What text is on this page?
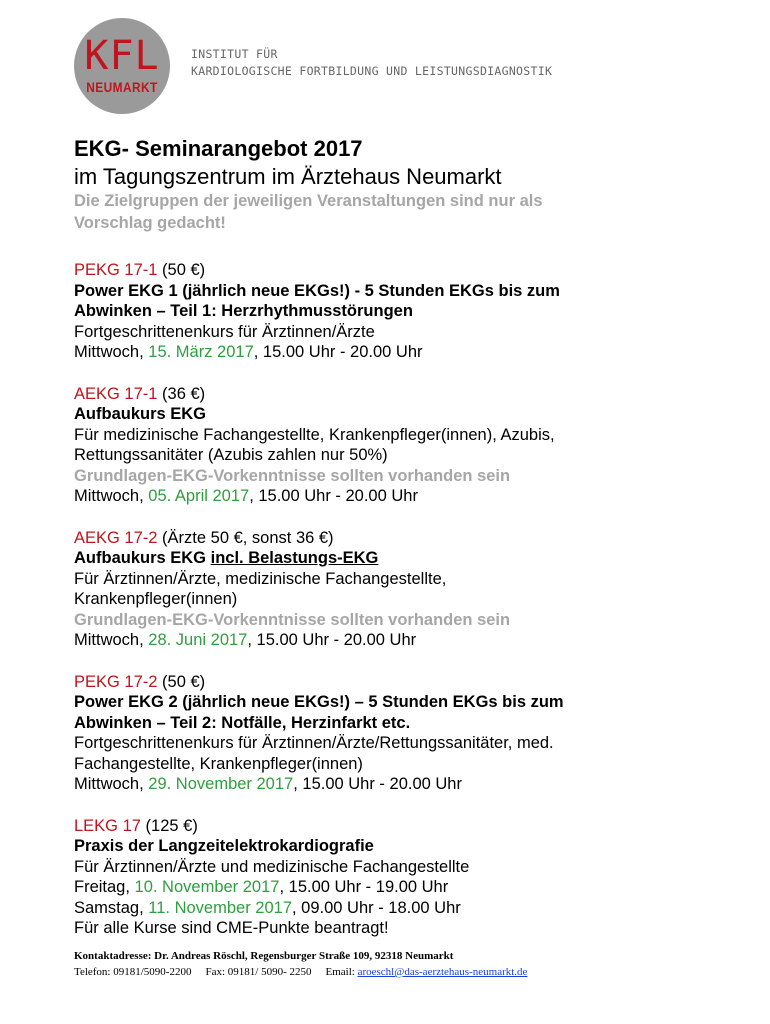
KFL
NEUMARKT
INSTITUT FÜR
KARDIOLOGISCHE FORTBILDUNG UND LEISTUNGSDIAGNOSTIK
EKG- Seminarangebot 2017
im Tagungszentrum im Ärztehaus Neumarkt
Die Zielgruppen der jeweiligen Veranstaltungen sind nur als
Vorschlag gedacht!
PEKG 17-1 (50 €)
Power EKG 1 (jährlich neue EKGs!) - 5 Stunden EKGs bis zum
Abwinken – Teil 1: Herzrhythmusstörungen
Fortgeschrittenenkurs für Ärztinnen/Ärzte
Mittwoch, 15. März 2017, 15.00 Uhr - 20.00 Uhr
AEKG 17-1 (36 €)
Aufbaukurs EKG
Für medizinische Fachangestellte, Krankenpfleger(innen), Azubis,
Rettungssanitäter (Azubis zahlen nur 50%)
Grundlagen-EKG-Vorkenntnisse sollten vorhanden sein
Mittwoch, 05. April 2017, 15.00 Uhr - 20.00 Uhr
AEKG 17-2 (Ärzte 50 €, sonst 36 €)
Aufbaukurs EKG incl. Belastungs-EKG
Für Ärztinnen/Ärzte, medizinische Fachangestellte,
Krankenpfleger(innen)
Grundlagen-EKG-Vorkenntnisse sollten vorhanden sein
Mittwoch, 28. Juni 2017, 15.00 Uhr - 20.00 Uhr
PEKG 17-2 (50 €)
Power EKG 2 (jährlich neue EKGs!) – 5 Stunden EKGs bis zum
Abwinken – Teil 2: Notfälle, Herzinfarkt etc.
Fortgeschrittenenkurs für Ärztinnen/Ärzte/Rettungssanitäter, med.
Fachangestellte, Krankenpfleger(innen)
Mittwoch, 29. November 2017, 15.00 Uhr - 20.00 Uhr
LEKG 17 (125 €)
Praxis der Langzeitelektrokardiografie
Für Ärztinnen/Ärzte und medizinische Fachangestellte
Freitag, 10. November 2017, 15.00 Uhr - 19.00 Uhr
Samstag, 11. November 2017, 09.00 Uhr - 18.00 Uhr
Für alle Kurse sind CME-Punkte beantragt!
Kontaktadresse: Dr. Andreas Röschl, Regensburger Straße 109, 92318 Neumarkt
Telefon: 09181/5090-2200 Fax: 09181/ 5090- 2250 Email: aroeschl@das-aerztehaus-neumarkt.de
